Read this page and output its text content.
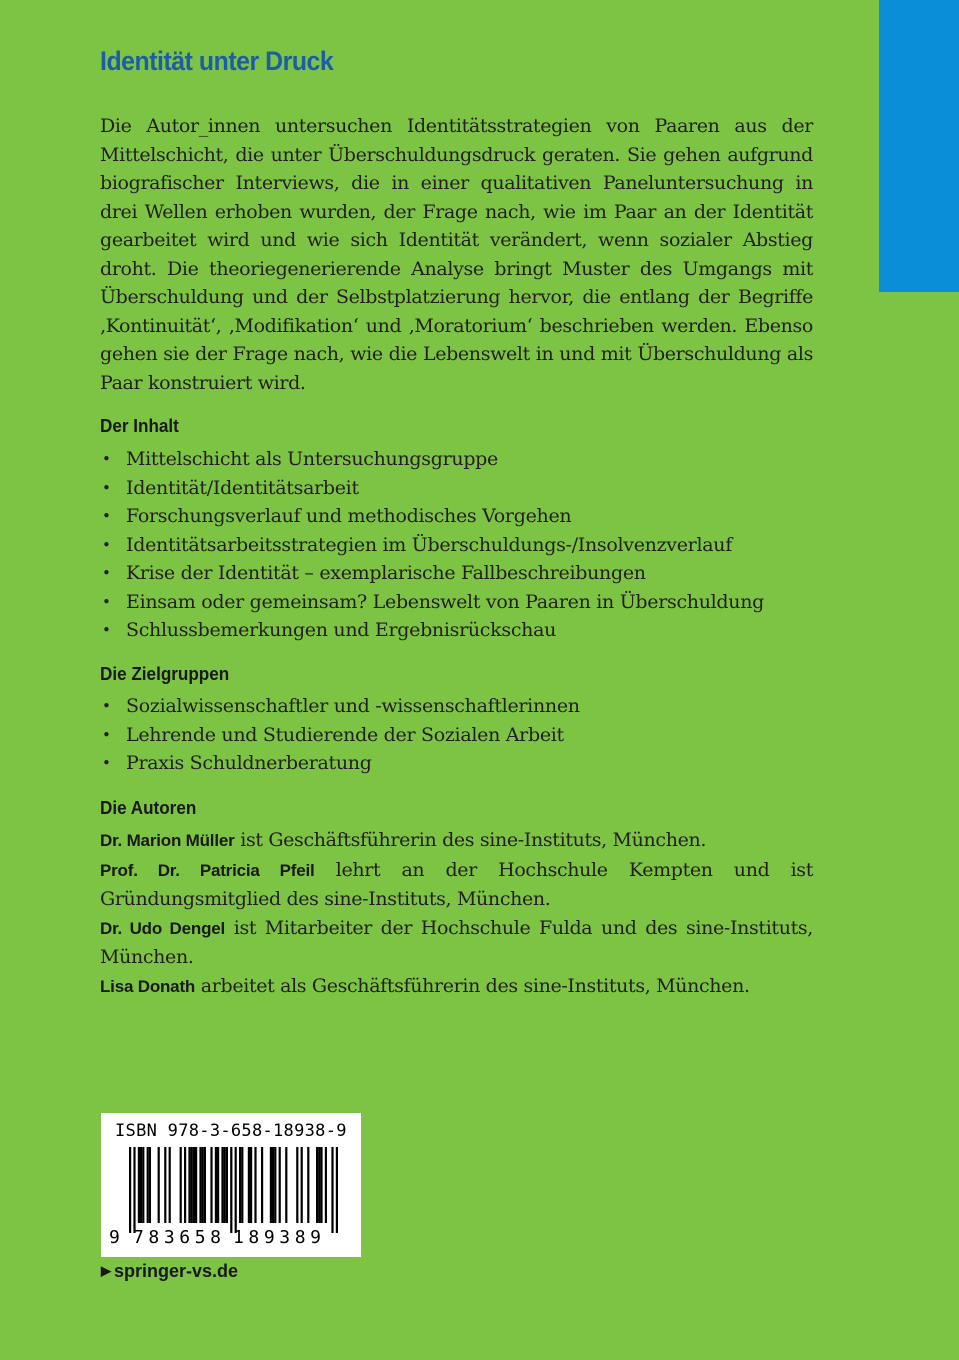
Identität unter Druck

Die Autor_innen untersuchen Identitätsstrategien von Paaren aus der Mittelschicht, die unter Überschuldungsdruck geraten. Sie gehen aufgrund biografischer Interviews, die in einer qualitativen Paneluntersuchung in drei Wellen erhoben wurden, der Frage nach, wie im Paar an der Identität gearbeitet wird und wie sich Identität verändert, wenn sozialer Abstieg droht. Die theoriegenerierende Analyse bringt Muster des Umgangs mit Überschuldung und der Selbstplatzierung hervor, die entlang der Begriffe ‚Kontinuität‘, ‚Modifikation‘ und ‚Moratorium‘ beschrieben werden. Ebenso gehen sie der Frage nach, wie die Lebenswelt in und mit Überschuldung als Paar konstruiert wird.

Der Inhalt
• Mittelschicht als Untersuchungsgruppe
• Identität/Identitätsarbeit
• Forschungsverlauf und methodisches Vorgehen
• Identitätsarbeitsstrategien im Überschuldungs-/Insolvenzverlauf
• Krise der Identität – exemplarische Fallbeschreibungen
• Einsam oder gemeinsam? Lebenswelt von Paaren in Überschuldung
• Schlussbemerkungen und Ergebnisrückschau
Die Zielgruppen
• Sozialwissenschaftler und -wissenschaftlerinnen
• Lehrende und Studierende der Sozialen Arbeit
• Praxis Schuldnerberatung
Die Autoren

Dr. Marion Müller ist Geschäftsführerin des sine-Instituts, München.

Prof. Dr. Patricia Pfeil lehrt an der Hochschule Kempten und ist Gründungsmitglied des sine-Instituts, München.

Dr. Udo Dengel ist Mitarbeiter der Hochschule Fulda und des sine-Instituts, München.

Lisa Donath arbeitet als Geschäftsführerin des sine-Instituts, München.

ISBN 978-3-658-18938-9
9 783658 189389
▶ springer-vs.de
